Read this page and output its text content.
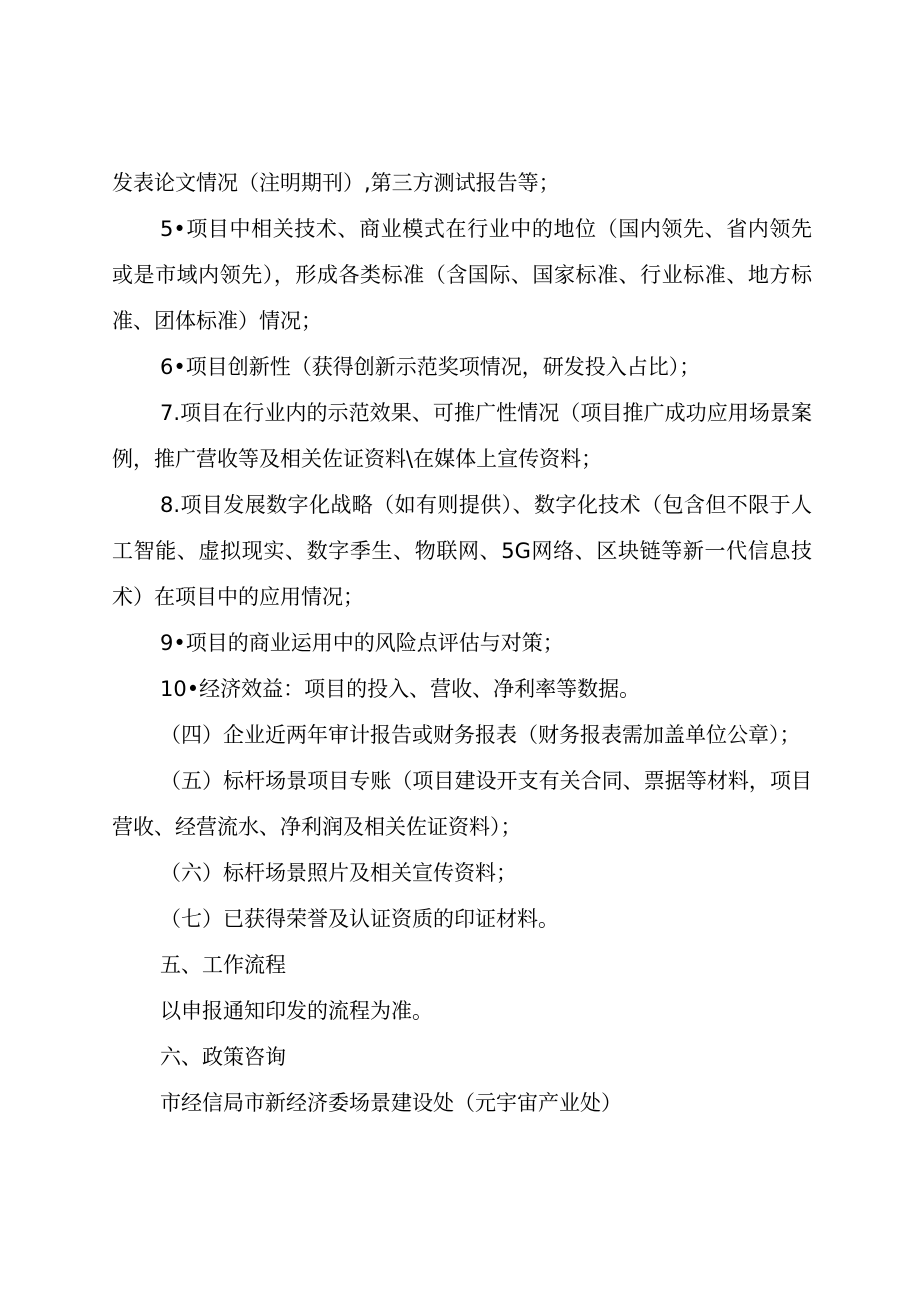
发表论文情况（注明期刊）,第三方测试报告等；

5•项目中相关技术、商业模式在行业中的地位（国内领先、省内领先或是市域内领先），形成各类标准（含国际、国家标准、行业标准、地方标准、团体标准）情况；

6•项目创新性（获得创新示范奖项情况，研发投入占比）；

7.项目在行业内的示范效果、可推广性情况（项目推广成功应用场景案例，推广营收等及相关佐证资料\在媒体上宣传资料；

8.项目发展数字化战略（如有则提供）、数字化技术（包含但不限于人工智能、虚拟现实、数字季生、物联网、5G网络、区块链等新一代信息技术）在项目中的应用情况；

9•项目的商业运用中的风险点评估与对策；

10•经济效益：项目的投入、营收、净利率等数据。

（四）企业近两年审计报告或财务报表（财务报表需加盖单位公章）；

（五）标杆场景项目专账（项目建设开支有关合同、票据等材料，项目营收、经营流水、净利润及相关佐证资料）；

（六）标杆场景照片及相关宣传资料；

（七）已获得荣誉及认证资质的印证材料。

五、工作流程

以申报通知印发的流程为准。

六、政策咨询

市经信局市新经济委场景建设处（元宇宙产业处）
